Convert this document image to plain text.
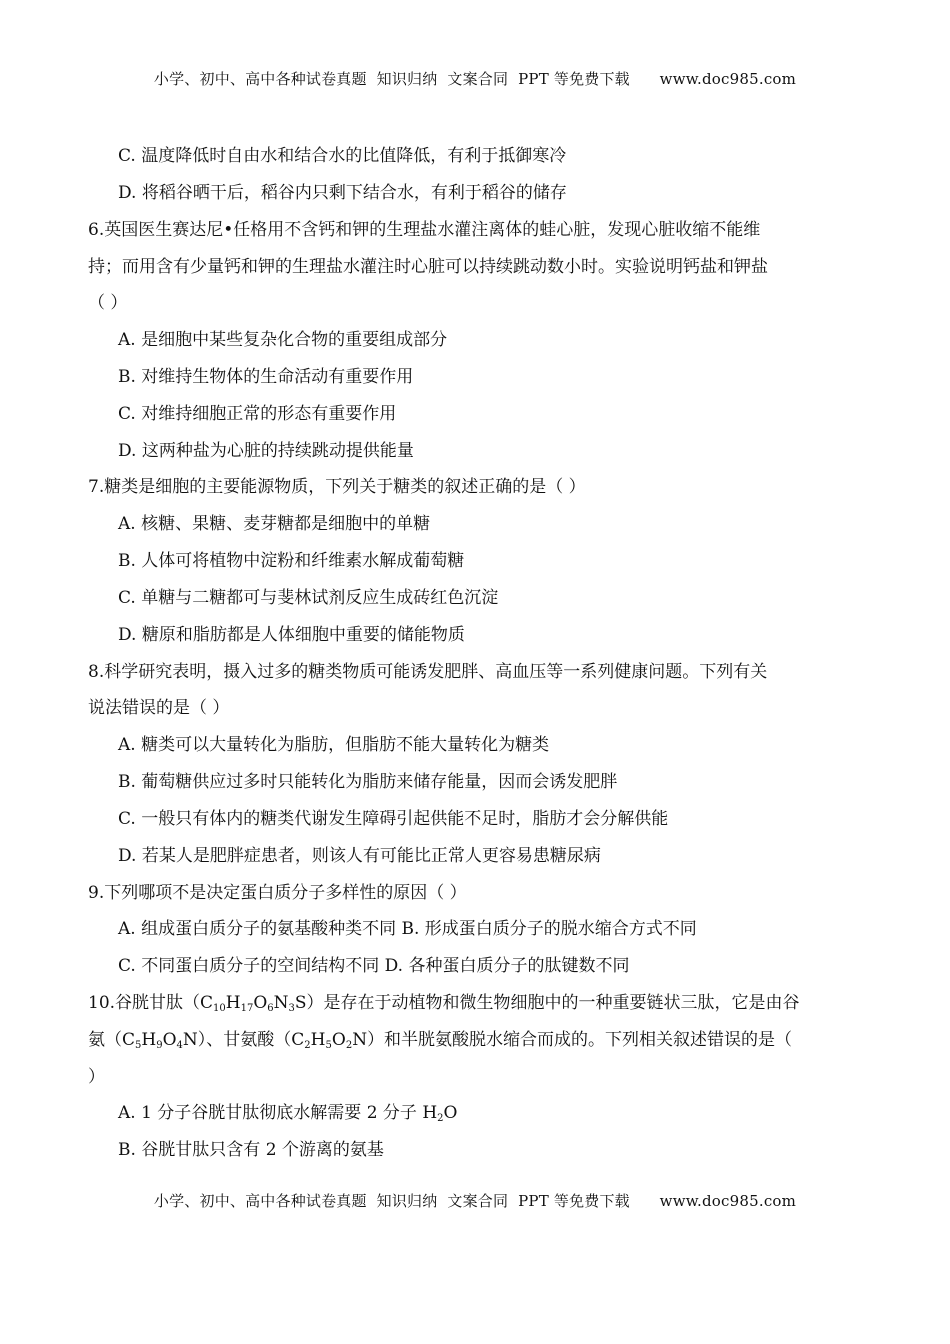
小学、初中、高中各种试卷真题  知识归纳  文案合同  PPT 等免费下载      www.doc985.com
C. 温度降低时自由水和结合水的比值降低，有利于抵御寒冷
D. 将稻谷晒干后，稻谷内只剩下结合水，有利于稻谷的储存
6.英国医生赛达尼•任格用不含钙和钾的生理盐水灌注离体的蛙心脏，发现心脏收缩不能维
持；而用含有少量钙和钾的生理盐水灌注时心脏可以持续跳动数小时。实验说明钙盐和钾盐
（ ）
A. 是细胞中某些复杂化合物的重要组成部分
B. 对维持生物体的生命活动有重要作用
C. 对维持细胞正常的形态有重要作用
D. 这两种盐为心脏的持续跳动提供能量
7.糖类是细胞的主要能源物质，下列关于糖类的叙述正确的是（ ）
A. 核糖、果糖、麦芽糖都是细胞中的单糖
B. 人体可将植物中淀粉和纤维素水解成葡萄糖
C. 单糖与二糖都可与斐林试剂反应生成砖红色沉淀
D. 糖原和脂肪都是人体细胞中重要的储能物质
8.科学研究表明，摄入过多的糖类物质可能诱发肥胖、高血压等一系列健康问题。下列有关
说法错误的是（ ）
A. 糖类可以大量转化为脂肪，但脂肪不能大量转化为糖类
B. 葡萄糖供应过多时只能转化为脂肪来储存能量，因而会诱发肥胖
C. 一般只有体内的糖类代谢发生障碍引起供能不足时，脂肪才会分解供能
D. 若某人是肥胖症患者，则该人有可能比正常人更容易患糖尿病
9.下列哪项不是决定蛋白质分子多样性的原因（ ）
A. 组成蛋白质分子的氨基酸种类不同 B. 形成蛋白质分子的脱水缩合方式不同
C. 不同蛋白质分子的空间结构不同 D. 各种蛋白质分子的肽键数不同
10.谷胱甘肽$(C_{10}H_{17}O_6N_3S)$是存在于动植物和微生物细胞中的一种重要链状三肽，它是由谷
氨$(C_5H_9O_4N)$、甘氨酸$(C_2H_5O_2N)$和半胱氨酸脱水缩合而成的。下列相关叙述错误的是（
）
A. 1 分子谷胱甘肽彻底水解需要 2 分子 $H_2O$
B. 谷胱甘肽只含有 2 个游离的氨基
小学、初中、高中各种试卷真题  知识归纳  文案合同  PPT 等免费下载      www.doc985.com
